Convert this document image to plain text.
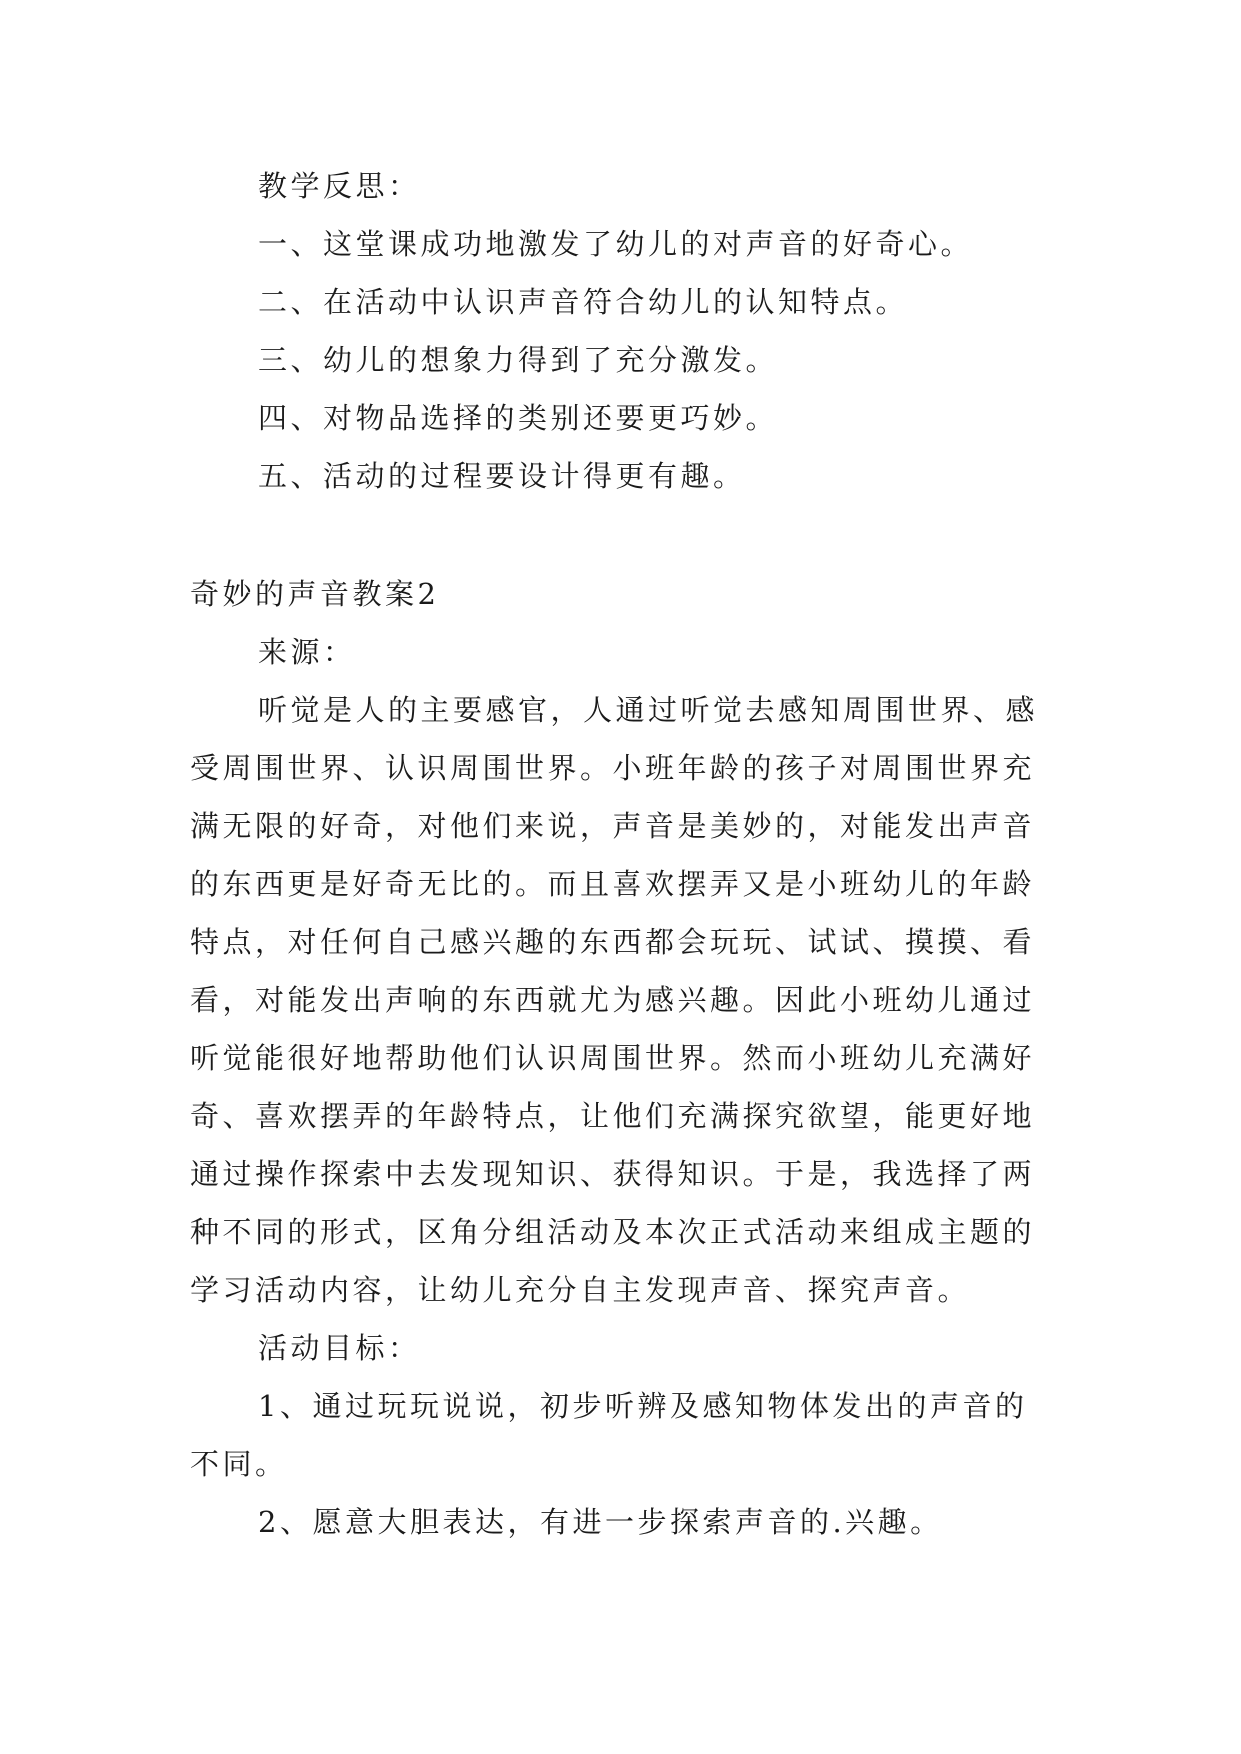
教学反思：
一、这堂课成功地激发了幼儿的对声音的好奇心。
二、在活动中认识声音符合幼儿的认知特点。
三、幼儿的想象力得到了充分激发。
四、对物品选择的类别还要更巧妙。
五、活动的过程要设计得更有趣。
奇妙的声音教案2
来源：
听觉是人的主要感官，人通过听觉去感知周围世界、感
受周围世界、认识周围世界。小班年龄的孩子对周围世界充
满无限的好奇，对他们来说，声音是美妙的，对能发出声音
的东西更是好奇无比的。而且喜欢摆弄又是小班幼儿的年龄
特点，对任何自己感兴趣的东西都会玩玩、试试、摸摸、看
看，对能发出声响的东西就尤为感兴趣。因此小班幼儿通过
听觉能很好地帮助他们认识周围世界。然而小班幼儿充满好
奇、喜欢摆弄的年龄特点，让他们充满探究欲望，能更好地
通过操作探索中去发现知识、获得知识。于是，我选择了两
种不同的形式，区角分组活动及本次正式活动来组成主题的
学习活动内容，让幼儿充分自主发现声音、探究声音。
活动目标：
1、通过玩玩说说，初步听辨及感知物体发出的声音的
不同。
2、愿意大胆表达，有进一步探索声音的.兴趣。
